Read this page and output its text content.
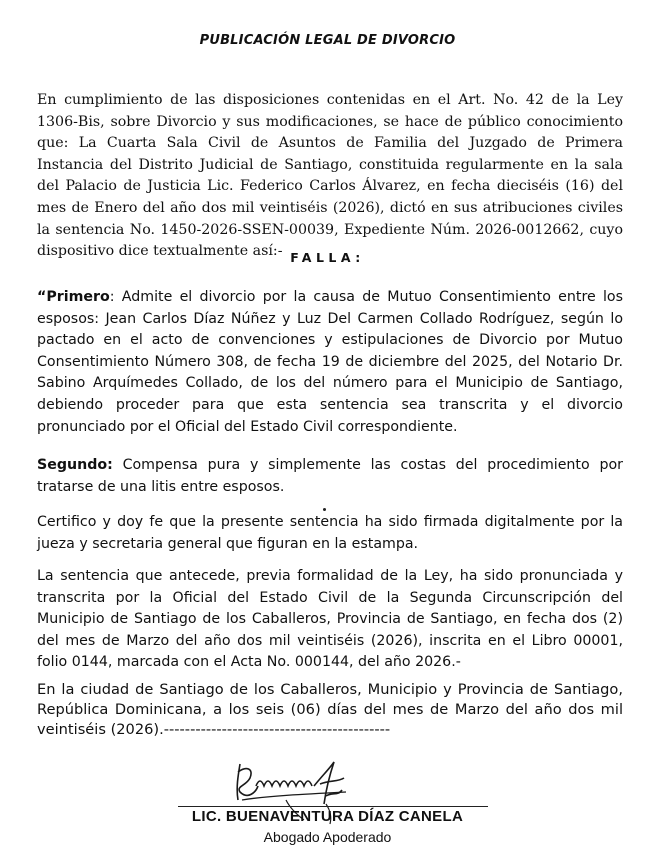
PUBLICACIÓN LEGAL DE DIVORCIO

En cumplimiento de las disposiciones contenidas en el Art. No. 42 de la Ley 1306-Bis, sobre Divorcio y sus modificaciones, se hace de público conocimiento que: La Cuarta Sala Civil de Asuntos de Familia del Juzgado de Primera Instancia del Distrito Judicial de Santiago, constituida regularmente en la sala del Palacio de Justicia Lic. Federico Carlos Álvarez, en fecha dieciséis (16) del mes de Enero del año dos mil veintiséis (2026), dictó en sus atribuciones civiles la sentencia No. 1450-2026-SSEN-00039, Expediente Núm. 2026-0012662, cuyo dispositivo dice textualmente así:- FALLA:

“Primero: Admite el divorcio por la causa de Mutuo Consentimiento entre los esposos: Jean Carlos Díaz Núñez y Luz Del Carmen Collado Rodríguez, según lo pactado en el acto de convenciones y estipulaciones de Divorcio por Mutuo Consentimiento Número 308, de fecha 19 de diciembre del 2025, del Notario Dr. Sabino Arquímedes Collado, de los del número para el Municipio de Santiago, debiendo proceder para que esta sentencia sea transcrita y el divorcio pronunciado por el Oficial del Estado Civil correspondiente.

Segundo: Compensa pura y simplemente las costas del procedimiento por tratarse de una litis entre esposos.

Certifico y doy fe que la presente sentencia ha sido firmada digitalmente por la jueza y secretaria general que figuran en la estampa.

La sentencia que antecede, previa formalidad de la Ley, ha sido pronunciada y transcrita por la Oficial del Estado Civil de la Segunda Circunscripción del Municipio de Santiago de los Caballeros, Provincia de Santiago, en fecha dos (2) del mes de Marzo del año dos mil veintiséis (2026), inscrita en el Libro 00001, folio 0144, marcada con el Acta No. 000144, del año 2026.-

En la ciudad de Santiago de los Caballeros, Municipio y Provincia de Santiago, República Dominicana, a los seis (06) días del mes de Marzo del año dos mil veintiséis (2026).-------------------------------------------

LIC. BUENAVENTURA DÍAZ CANELA
Abogado Apoderado
